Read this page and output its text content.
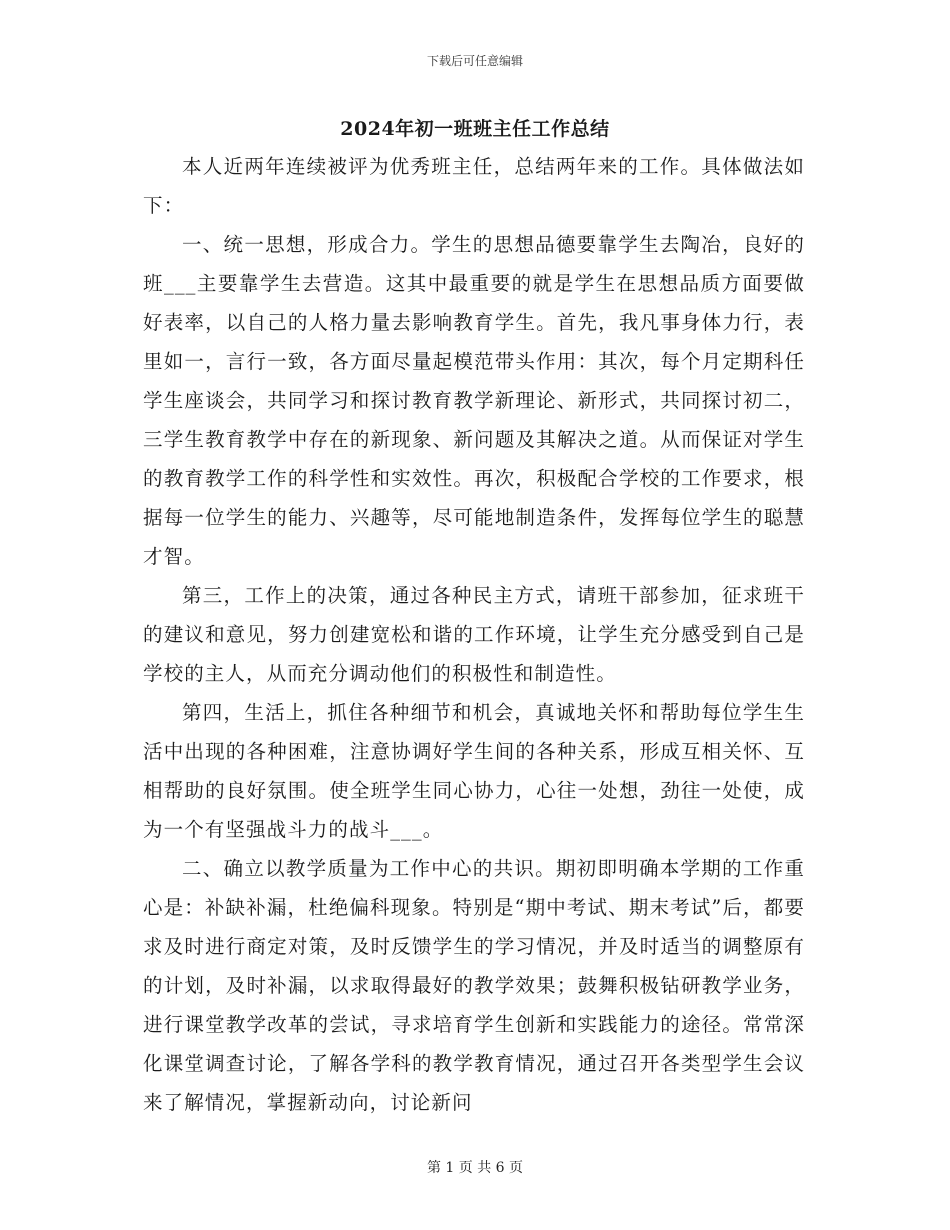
下载后可任意编辑
2024年初一班班主任工作总结

本人近两年连续被评为优秀班主任，总结两年来的工作。具体做法如下：

一、统一思想，形成合力。学生的思想品德要靠学生去陶冶，良好的班___主要靠学生去营造。这其中最重要的就是学生在思想品质方面要做好表率，以自己的人格力量去影响教育学生。首先，我凡事身体力行，表里如一，言行一致，各方面尽量起模范带头作用：其次，每个月定期科任学生座谈会，共同学习和探讨教育教学新理论、新形式，共同探讨初二，三学生教育教学中存在的新现象、新问题及其解决之道。从而保证对学生的教育教学工作的科学性和实效性。再次，积极配合学校的工作要求，根据每一位学生的能力、兴趣等，尽可能地制造条件，发挥每位学生的聪慧才智。

第三，工作上的决策，通过各种民主方式，请班干部参加，征求班干的建议和意见，努力创建宽松和谐的工作环境，让学生充分感受到自己是学校的主人，从而充分调动他们的积极性和制造性。

第四，生活上，抓住各种细节和机会，真诚地关怀和帮助每位学生生活中出现的各种困难，注意协调好学生间的各种关系，形成互相关怀、互相帮助的良好氛围。使全班学生同心协力，心往一处想，劲往一处使，成为一个有坚强战斗力的战斗___。

二、确立以教学质量为工作中心的共识。期初即明确本学期的工作重心是：补缺补漏，杜绝偏科现象。特别是“期中考试、期末考试”后，都要求及时进行商定对策，及时反馈学生的学习情况，并及时适当的调整原有的计划，及时补漏，以求取得最好的教学效果；鼓舞积极钻研教学业务，进行课堂教学改革的尝试，寻求培育学生创新和实践能力的途径。常常深化课堂调查讨论，了解各学科的教学教育情况，通过召开各类型学生会议来了解情况，掌握新动向，讨论新问

第 1 页 共 6 页
